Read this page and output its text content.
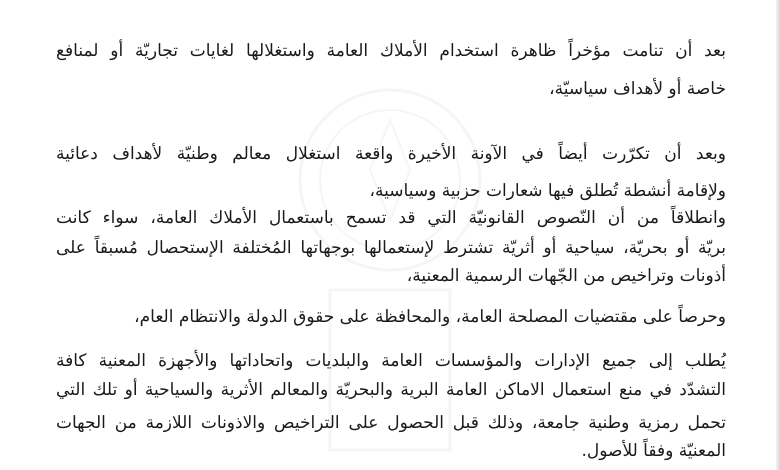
بعد أن تنامت مؤخراً ظاهرة استخدام الأملاك العامة واستغلالها لغايات تجاريّة أو لمنافع
خاصة أو لأهداف سياسيّة،
وبعد أن تكرّرت أيضاً في الآونة الأخيرة واقعة استغلال معالم وطنيّة لأهداف دعائية
ولإقامة أنشطة تُطلق فيها شعارات حزبية وسياسية،
وانطلاقاً من أن النّصوص القانونيّة التي قد تسمح باستعمال الأملاك العامة، سواء كانت
بريّة أو بحريّة، سياحية أو أثريّة تشترط لإستعمالها بوجهاتها المُختلفة الإستحصال مُسبقاً على
أذونات وتراخيص من الجّهات الرسمية المعنية،
وحرصاً على مقتضيات المصلحة العامة، والمحافظة على حقوق الدولة والانتظام العام،
يُطلب إلى جميع الإدارات والمؤسسات العامة والبلديات واتحاداتها والأجهزة المعنية كافة
التشدّد في منع استعمال الاماكن العامة البرية والبحريّة والمعالم الأثرية والسياحية أو تلك التي
تحمل رمزية وطنية جامعة، وذلك قبل الحصول على التراخيص والاذونات اللازمة من الجهات
المعنيّة وفقاً للأصول.
